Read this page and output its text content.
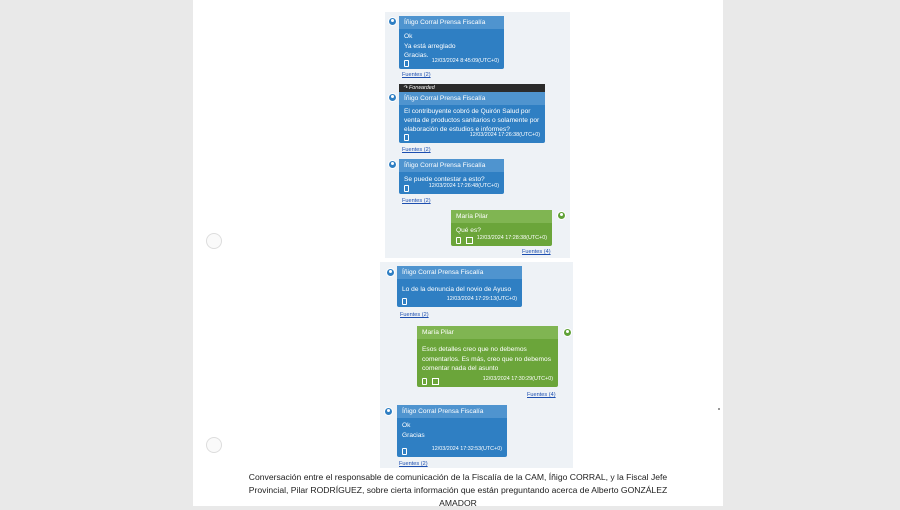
Íñigo Corral Prensa Fiscalía
Ok
Ya está arreglado
Gracias.
12/03/2024 8:45:09(UTC+0)
Fuentes (2)
↷ Forwarded
Íñigo Corral Prensa Fiscalía
El contribuyente cobró de Quirón Salud por venta de productos sanitarios o solamente por elaboración de estudios e informes?
12/03/2024 17:26:38(UTC+0)
Fuentes (2)
Íñigo Corral Prensa Fiscalía
Se puede contestar a esto?
12/03/2024 17:26:48(UTC+0)
Fuentes (2)
María Pilar
Qué es?
12/03/2024 17:28:38(UTC+0)
Fuentes (4)
Íñigo Corral Prensa Fiscalía
Lo de la denuncia del novio de Ayuso
12/03/2024 17:29:13(UTC+0)
Fuentes (2)
María Pilar
Esos detalles creo que no debemos comentarlos. Es más, creo que no debemos comentar nada del asunto
12/03/2024 17:30:29(UTC+0)
Fuentes (4)
Íñigo Corral Prensa Fiscalía
Ok
Gracias
12/03/2024 17:32:53(UTC+0)
Fuentes (2)
Conversación entre el responsable de comunicación de la Fiscalía de la CAM, Íñigo CORRAL, y la Fiscal Jefe
Provincial, Pilar RODRÍGUEZ, sobre cierta información que están preguntando acerca de Alberto GONZÁLEZ
AMADOR
